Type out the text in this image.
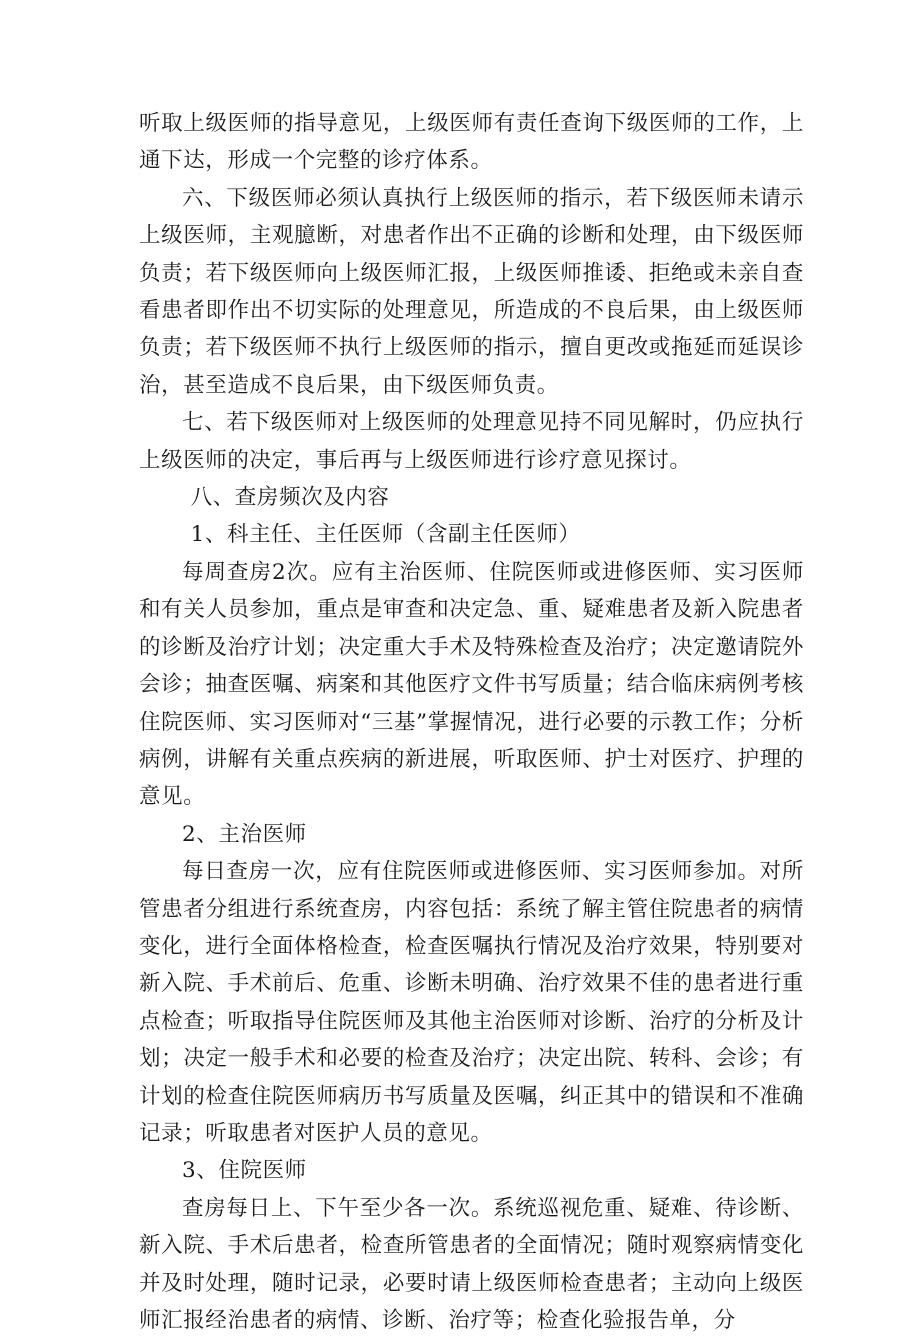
听取上级医师的指导意见，上级医师有责任查询下级医师的工作，上通下达，形成一个完整的诊疗体系。

六、下级医师必须认真执行上级医师的指示，若下级医师未请示上级医师，主观臆断，对患者作出不正确的诊断和处理，由下级医师负责；若下级医师向上级医师汇报，上级医师推诿、拒绝或未亲自查看患者即作出不切实际的处理意见，所造成的不良后果，由上级医师负责；若下级医师不执行上级医师的指示，擅自更改或拖延而延误诊治，甚至造成不良后果，由下级医师负责。

七、若下级医师对上级医师的处理意见持不同见解时，仍应执行上级医师的决定，事后再与上级医师进行诊疗意见探讨。

八、查房频次及内容

1、科主任、主任医师（含副主任医师）

每周查房2次。应有主治医师、住院医师或进修医师、实习医师和有关人员参加，重点是审查和决定急、重、疑难患者及新入院患者的诊断及治疗计划；决定重大手术及特殊检查及治疗；决定邀请院外会诊；抽查医嘱、病案和其他医疗文件书写质量；结合临床病例考核住院医师、实习医师对“三基”掌握情况，进行必要的示教工作；分析病例，讲解有关重点疾病的新进展，听取医师、护士对医疗、护理的意见。

2、主治医师

每日查房一次，应有住院医师或进修医师、实习医师参加。对所管患者分组进行系统查房，内容包括：系统了解主管住院患者的病情变化，进行全面体格检查，检查医嘱执行情况及治疗效果，特别要对新入院、手术前后、危重、诊断未明确、治疗效果不佳的患者进行重点检查；听取指导住院医师及其他主治医师对诊断、治疗的分析及计划；决定一般手术和必要的检查及治疗；决定出院、转科、会诊；有计划的检查住院医师病历书写质量及医嘱，纠正其中的错误和不准确记录；听取患者对医护人员的意见。

3、住院医师

查房每日上、下午至少各一次。系统巡视危重、疑难、待诊断、新入院、手术后患者，检查所管患者的全面情况；随时观察病情变化并及时处理，随时记录，必要时请上级医师检查患者；主动向上级医师汇报经治患者的病情、诊断、治疗等；检查化验报告单，分
